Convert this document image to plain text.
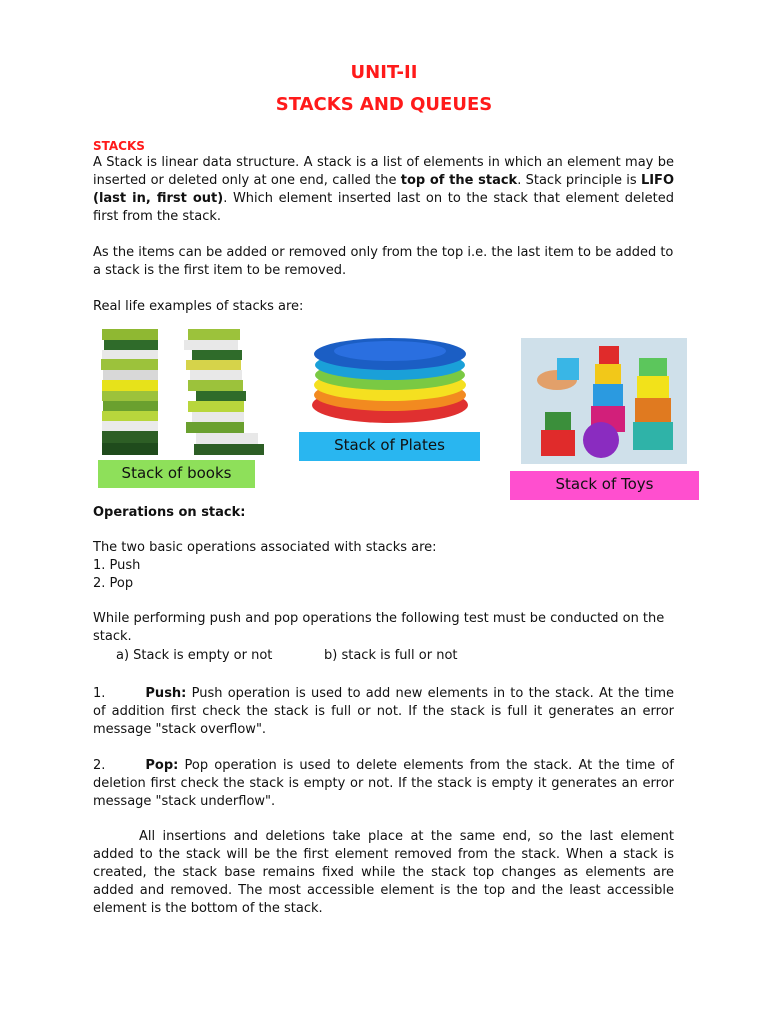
UNIT-II
STACKS AND QUEUES
STACKS
A Stack is linear data structure. A stack is a list of elements in which an element may be inserted or deleted only at one end, called the top of the stack. Stack principle is LIFO (last in, first out). Which element inserted last on to the stack that element deleted first from the stack.
As the items can be added or removed only from the top i.e. the last item to be added to a stack is the first item to be removed.
Real life examples of stacks are:
Stack of books
Stack of Plates
Stack of Toys
Operations on stack:
The two basic operations associated with stacks are:
1. Push
2. Pop
While performing push and pop operations the following test must be conducted on the stack.
a) Stack is empty or not	b) stack is full or not
1.	Push: Push operation is used to add new elements in to the stack. At the time of addition first check the stack is full or not. If the stack is full it generates an error message "stack overflow".
2.	Pop: Pop operation is used to delete elements from the stack. At the time of deletion first check the stack is empty or not. If the stack is empty it generates an error message "stack underflow".
All insertions and deletions take place at the same end, so the last element added to the stack will be the first element removed from the stack. When a stack is created, the stack base remains fixed while the stack top changes as elements are added and removed. The most accessible element is the top and the least accessible element is the bottom of the stack.
